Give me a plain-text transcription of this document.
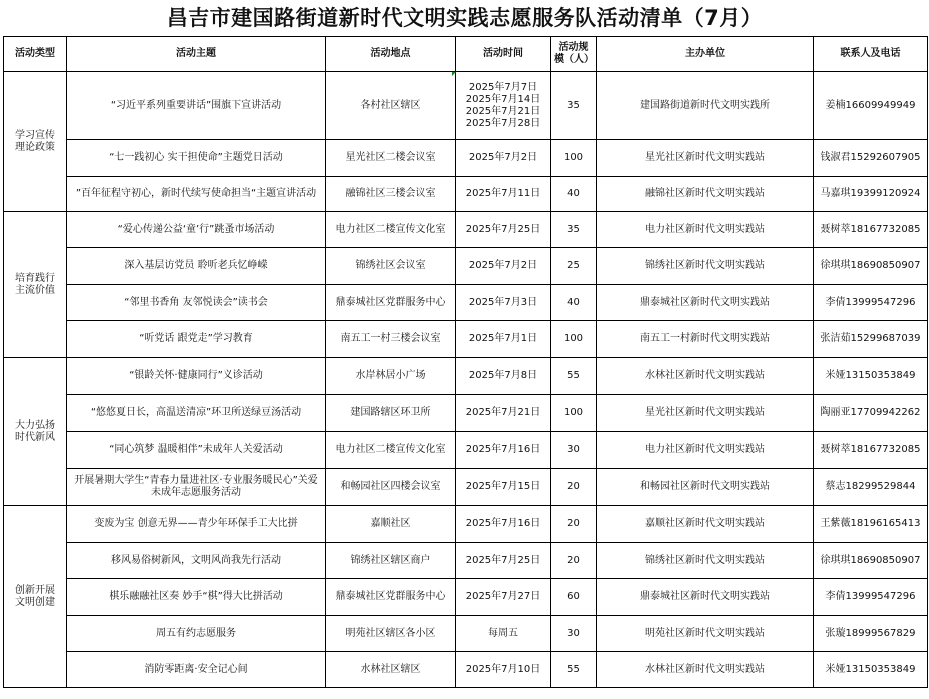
昌吉市建国路街道新时代文明实践志愿服务队活动清单（7月）
活动类型	活动主题	活动地点	活动时间	活动规模（人）	主办单位	联系人及电话
学习宣传理论政策	“习近平系列重要讲话”围旗下宣讲活动	各村社区辖区	2025年7月7日
2025年7月14日
2025年7月21日
2025年7月28日	35	建国路街道新时代文明实践所	姜楠16609949949
	“七一践初心 实干担使命”主题党日活动	星光社区二楼会议室	2025年7月2日	100	星光社区新时代文明实践站	钱淑君15292607905
	”百年征程守初心，新时代续写使命担当“主题宣讲活动	融锦社区三楼会议室	2025年7月11日	40	融锦社区新时代文明实践站	马嘉琪19399120924
培育践行主流价值	“爱心传递公益‘童’行”跳蚤市场活动	电力社区二楼宣传文化室	2025年7月25日	35	电力社区新时代文明实践站	聂树萃18167732085
	深入基层访党员 聆听老兵忆峥嵘	锦绣社区会议室	2025年7月2日	25	锦绣社区新时代文明实践站	徐琪琪18690850907
	“邻里书香角 友邻悦读会”读书会	鼎泰城社区党群服务中心	2025年7月3日	40	鼎泰城社区新时代文明实践站	李倩13999547296
	“听党话 跟党走”学习教育	南五工一村三楼会议室	2025年7月1日	100	南五工一村新时代文明实践站	张洁茹15299687039
大力弘扬时代新风	“银龄关怀·健康同行”义诊活动	水岸林居小广场	2025年7月8日	55	水林社区新时代文明实践站	米娅13150353849
	“悠悠夏日长，高温送清凉”环卫所送绿豆汤活动	建国路辖区环卫所	2025年7月21日	100	星光社区新时代文明实践站	陶丽亚17709942262
	“同心筑梦 温暖相伴”未成年人关爱活动	电力社区二楼宣传文化室	2025年7月16日	30	电力社区新时代文明实践站	聂树萃18167732085
	开展暑期大学生“青春力量进社区·专业服务暖民心”关爱未成年志愿服务活动	和畅园社区四楼会议室	2025年7月15日	20	和畅园社区新时代文明实践站	蔡志18299529844
创新开展文明创建	变废为宝 创意无界——青少年环保手工大比拼	嘉顺社区	2025年7月16日	20	嘉顺社区新时代文明实践站	王紫薇18196165413
	移风易俗树新风，文明风尚我先行活动	锦绣社区辖区商户	2025年7月25日	20	锦绣社区新时代文明实践站	徐琪琪18690850907
	棋乐融融社区奏 妙手“棋”得大比拼活动	鼎泰城社区党群服务中心	2025年7月27日	60	鼎泰城社区新时代文明实践站	李倩13999547296
	周五有约志愿服务	明苑社区辖区各小区	每周五	30	明苑社区新时代文明实践站	张璇18999567829
	消防零距离·安全记心间	水林社区辖区	2025年7月10日	55	水林社区新时代文明实践站	米娅13150353849
